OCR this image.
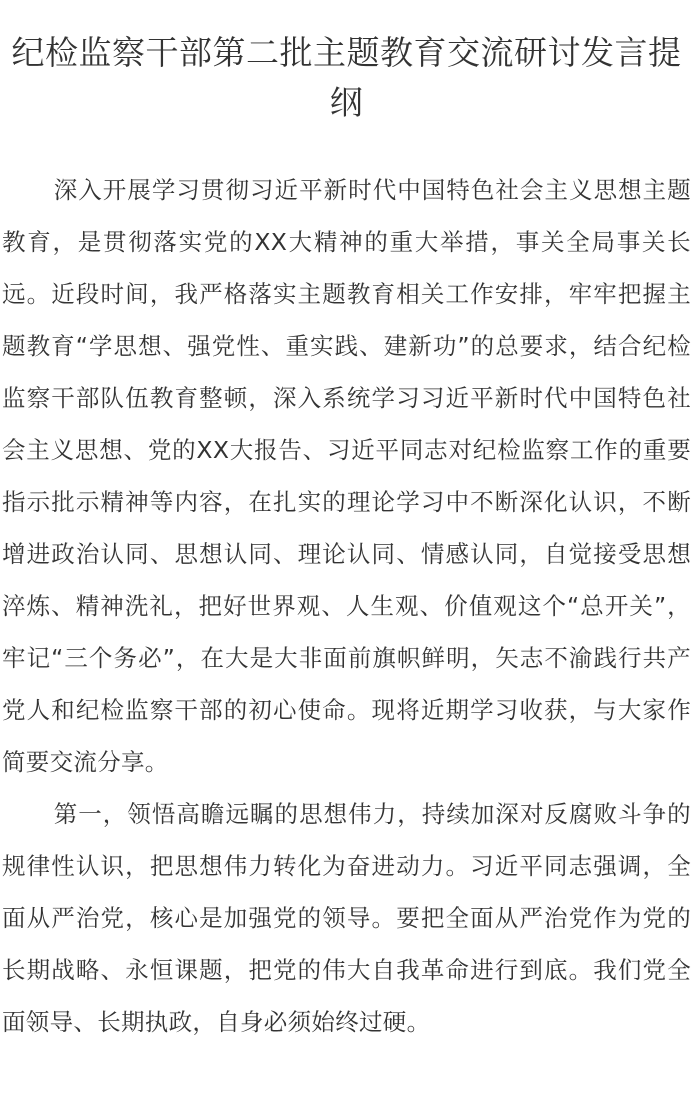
纪检监察干部第二批主题教育交流研讨发言提纲

深入开展学习贯彻习近平新时代中国特色社会主义思想主题教育，是贯彻落实党的XX大精神的重大举措，事关全局事关长远。近段时间，我严格落实主题教育相关工作安排，牢牢把握主题教育“学思想、强党性、重实践、建新功”的总要求，结合纪检监察干部队伍教育整顿，深入系统学习习近平新时代中国特色社会主义思想、党的XX大报告、习近平同志对纪检监察工作的重要指示批示精神等内容，在扎实的理论学习中不断深化认识，不断增进政治认同、思想认同、理论认同、情感认同，自觉接受思想淬炼、精神洗礼，把好世界观、人生观、价值观这个“总开关”，牢记“三个务必”，在大是大非面前旗帜鲜明，矢志不渝践行共产党人和纪检监察干部的初心使命。现将近期学习收获，与大家作简要交流分享。

第一，领悟高瞻远瞩的思想伟力，持续加深对反腐败斗争的规律性认识，把思想伟力转化为奋进动力。习近平同志强调，全面从严治党，核心是加强党的领导。要把全面从严治党作为党的长期战略、永恒课题，把党的伟大自我革命进行到底。我们党全面领导、长期执政，自身必须始终过硬。
